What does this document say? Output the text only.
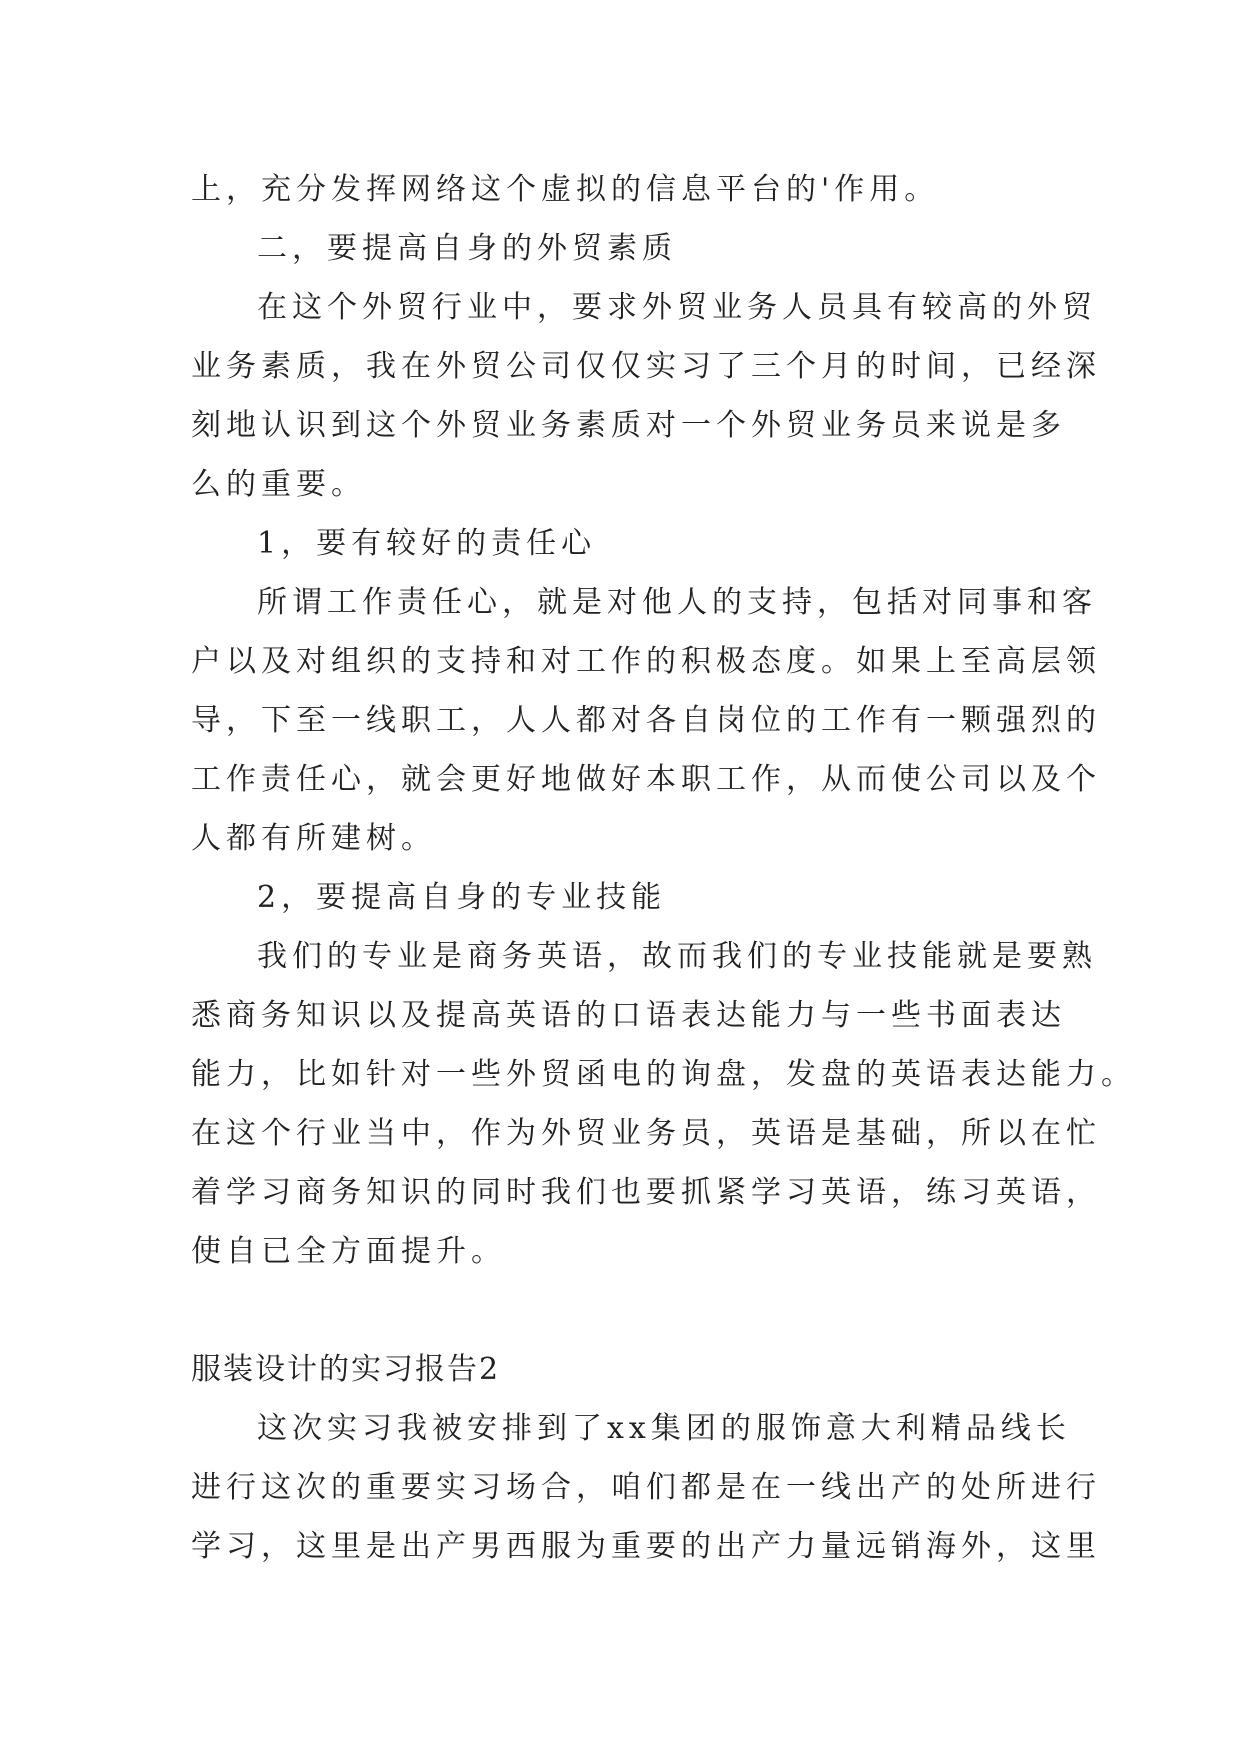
上，充分发挥网络这个虚拟的信息平台的'作用。
二，要提高自身的外贸素质
在这个外贸行业中，要求外贸业务人员具有较高的外贸
业务素质，我在外贸公司仅仅实习了三个月的时间，已经深
刻地认识到这个外贸业务素质对一个外贸业务员来说是多
么的重要。
1，要有较好的责任心
所谓工作责任心，就是对他人的支持，包括对同事和客
户以及对组织的支持和对工作的积极态度。如果上至高层领
导，下至一线职工，人人都对各自岗位的工作有一颗强烈的
工作责任心，就会更好地做好本职工作，从而使公司以及个
人都有所建树。
2，要提高自身的专业技能
我们的专业是商务英语，故而我们的专业技能就是要熟
悉商务知识以及提高英语的口语表达能力与一些书面表达
能力，比如针对一些外贸函电的询盘，发盘的英语表达能力。
在这个行业当中，作为外贸业务员，英语是基础，所以在忙
着学习商务知识的同时我们也要抓紧学习英语，练习英语，
使自已全方面提升。
服装设计的实习报告2
这次实习我被安排到了xx集团的服饰意大利精品线长
进行这次的重要实习场合，咱们都是在一线出产的处所进行
学习，这里是出产男西服为重要的出产力量远销海外，这里
